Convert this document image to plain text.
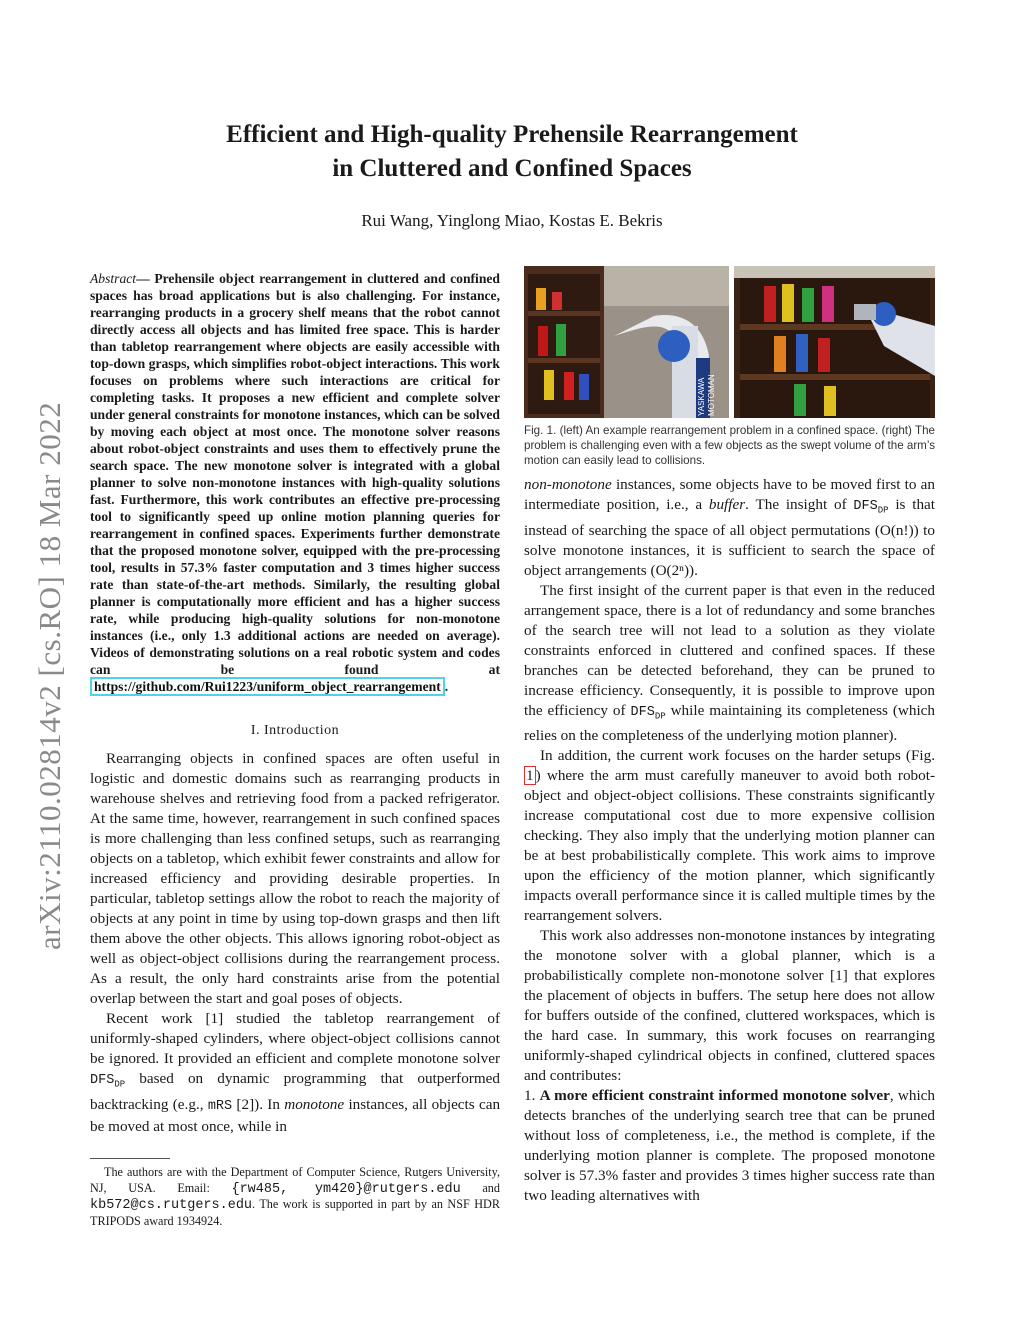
Efficient and High-quality Prehensile Rearrangement
in Cluttered and Confined Spaces
Rui Wang, Yinglong Miao, Kostas E. Bekris
arXiv:2110.02814v2 [cs.RO] 18 Mar 2022
Abstract— Prehensile object rearrangement in cluttered and confined spaces has broad applications but is also challenging. For instance, rearranging products in a grocery shelf means that the robot cannot directly access all objects and has limited free space. This is harder than tabletop rearrangement where objects are easily accessible with top-down grasps, which simplifies robot-object interactions. This work focuses on problems where such interactions are critical for completing tasks. It proposes a new efficient and complete solver under general constraints for monotone instances, which can be solved by moving each object at most once. The monotone solver reasons about robot-object constraints and uses them to effectively prune the search space. The new monotone solver is integrated with a global planner to solve non-monotone instances with high-quality solutions fast. Furthermore, this work contributes an effective pre-processing tool to significantly speed up online motion planning queries for rearrangement in confined spaces. Experiments further demonstrate that the proposed monotone solver, equipped with the pre-processing tool, results in 57.3% faster computation and 3 times higher success rate than state-of-the-art methods. Similarly, the resulting global planner is computationally more efficient and has a higher success rate, while producing high-quality solutions for non-monotone instances (i.e., only 1.3 additional actions are needed on average). Videos of demonstrating solutions on a real robotic system and codes can be found at https://github.com/Rui1223/uniform_object_rearrangement .
I. Introduction

Rearranging objects in confined spaces are often useful in logistic and domestic domains such as rearranging products in warehouse shelves and retrieving food from a packed refrigerator. At the same time, however, rearrangement in such confined spaces is more challenging than less confined setups, such as rearranging objects on a tabletop, which exhibit fewer constraints and allow for increased efficiency and providing desirable properties. In particular, tabletop settings allow the robot to reach the majority of objects at any point in time by using top-down grasps and then lift them above the other objects. This allows ignoring robot-object as well as object-object collisions during the rearrangement process. As a result, the only hard constraints arise from the potential overlap between the start and goal poses of objects.

Recent work [1] studied the tabletop rearrangement of uniformly-shaped cylinders, where object-object collisions cannot be ignored. It provided an efficient and complete monotone solver $DFS_{DP}$ based on dynamic programming that outperformed backtracking (e.g., mRS [2]). In monotone instances, all objects can be moved at most once, while in

The authors are with the Department of Computer Science, Rutgers University, NJ, USA. Email: {rw485, ym420}@rutgers.edu and kb572@cs.rutgers.edu. The work is supported in part by an NSF HDR TRIPODS award 1934924.
YASKAWA MOTOMAN
Fig. 1. (left) An example rearrangement problem in a confined space. (right) The problem is challenging even with a few objects as the swept volume of the arm’s motion can easily lead to collisions.

non-monotone instances, some objects have to be moved first to an intermediate position, i.e., a buffer. The insight of $DFS_{DP}$ is that instead of searching the space of all object permutations (O(n!)) to solve monotone instances, it is sufficient to search the space of object arrangements (O(2ⁿ)).

The first insight of the current paper is that even in the reduced arrangement space, there is a lot of redundancy and some branches of the search tree will not lead to a solution as they violate constraints enforced in cluttered and confined spaces. If these branches can be detected beforehand, they can be pruned to increase efficiency. Consequently, it is possible to improve upon the efficiency of $DFS_{DP}$ while maintaining its completeness (which relies on the completeness of the underlying motion planner).

In addition, the current work focuses on the harder setups (Fig. 1 ) where the arm must carefully maneuver to avoid both robot-object and object-object collisions. These constraints significantly increase computational cost due to more expensive collision checking. They also imply that the underlying motion planner can be at best probabilistically complete. This work aims to improve upon the efficiency of the motion planner, which significantly impacts overall performance since it is called multiple times by the rearrangement solvers.

This work also addresses non-monotone instances by integrating the monotone solver with a global planner, which is a probabilistically complete non-monotone solver [1] that explores the placement of objects in buffers. The setup here does not allow for buffers outside of the confined, cluttered workspaces, which is the hard case. In summary, this work focuses on rearranging uniformly-shaped cylindrical objects in confined, cluttered spaces and contributes:

1. A more efficient constraint informed monotone solver, which detects branches of the underlying search tree that can be pruned without loss of completeness, i.e., the method is complete, if the underlying motion planner is complete. The proposed monotone solver is 57.3% faster and provides 3 times higher success rate than two leading alternatives with
